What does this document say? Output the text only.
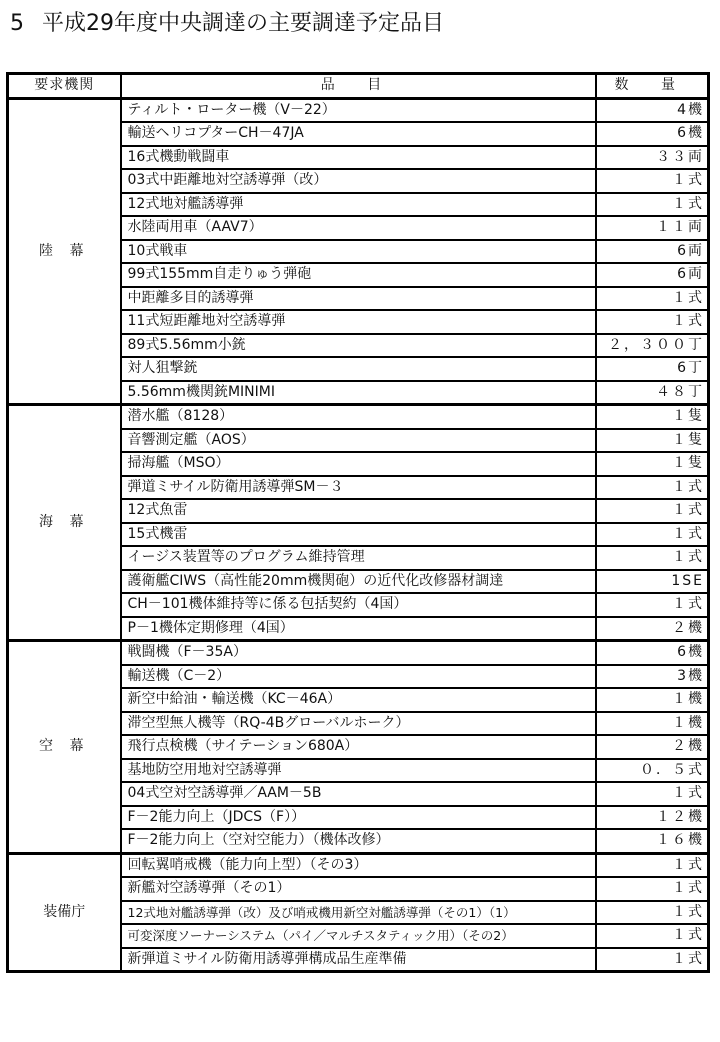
5 平成29年度中央調達の主要調達予定品目
要求機関	品 目	数 量
陸 幕	ティルト・ローター機（V－22）	4機
	輸送ヘリコプターCH－47JA	6機
	16式機動戦闘車	３３両
	03式中距離地対空誘導弾（改）	１式
	12式地対艦誘導弾	１式
	水陸両用車（AAV7）	１１両
	10式戦車	6両
	99式155mm自走りゅう弾砲	6両
	中距離多目的誘導弾	１式
	11式短距離地対空誘導弾	１式
	89式5.56mm小銃	２，３００丁
	対人狙撃銃	6丁
	5.56mm機関銃MINIMI	４８丁
海 幕	潜水艦（8128）	１隻
	音響測定艦（AOS）	１隻
	掃海艦（MSO）	１隻
	弾道ミサイル防衛用誘導弾SM－３	１式
	12式魚雷	１式
	15式機雷	１式
	イージス装置等のプログラム維持管理	１式
	護衛艦CIWS（高性能20mm機関砲）の近代化改修器材調達	1SE
	CH－101機体維持等に係る包括契約（4国）	１式
	P－1機体定期修理（4国）	２機
空 幕	戦闘機（F－35A）	6機
	輸送機（C－2）	3機
	新空中給油・輸送機（KC－46A）	１機
	滞空型無人機等（RQ-4Bグローバルホーク）	１機
	飛行点検機（サイテーション680A）	２機
	基地防空用地対空誘導弾	０．５式
	04式空対空誘導弾／AAM－5B	１式
	F－2能力向上（JDCS（F））	１２機
	F－2能力向上（空対空能力）（機体改修）	１６機
装備庁	回転翼哨戒機（能力向上型）（その3）	１式
	新艦対空誘導弾（その1）	１式
	12式地対艦誘導弾（改）及び哨戒機用新空対艦誘導弾（その1）（1）	１式
	可変深度ソーナーシステム（パイ／マルチスタティック用）（その2）	１式
	新弾道ミサイル防衛用誘導弾構成品生産準備	１式
